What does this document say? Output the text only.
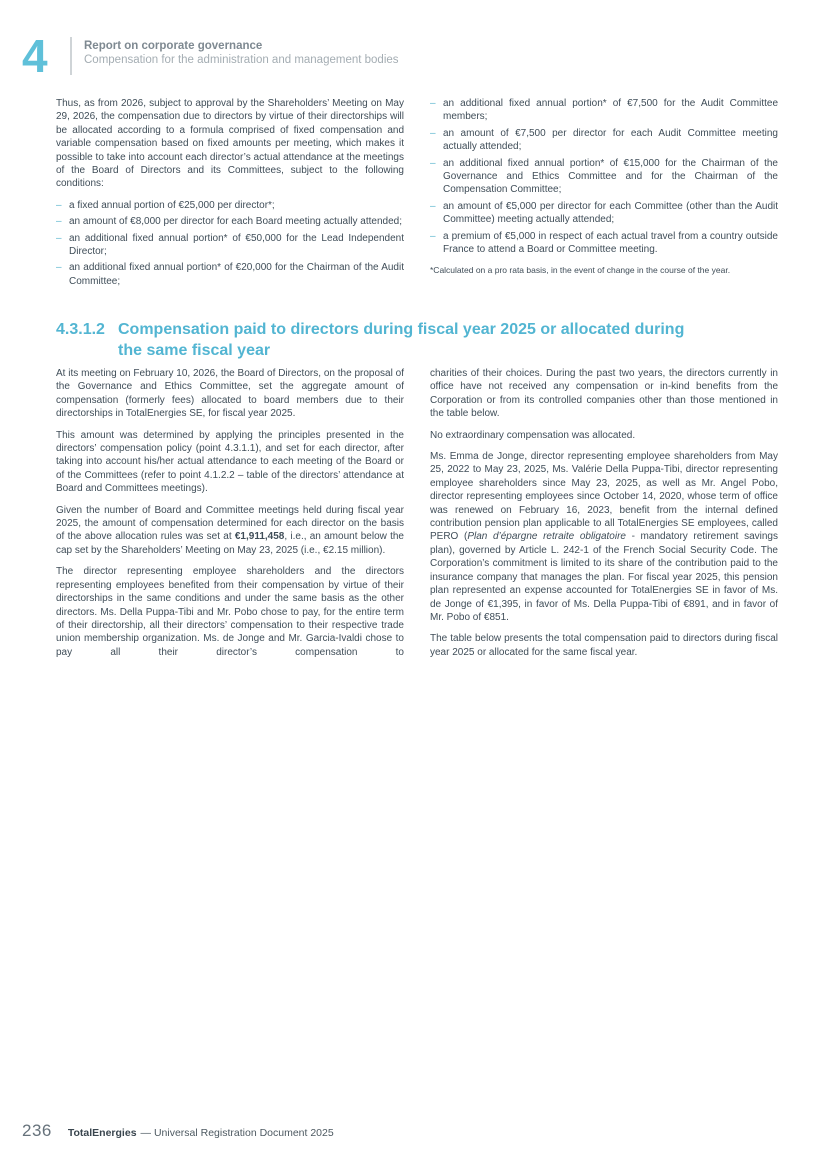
4	Report on corporate governance
Compensation for the administration and management bodies

Thus, as from 2026, subject to approval by the Shareholders’ Meeting on May 29, 2026, the compensation due to directors by virtue of their directorships will be allocated according to a formula comprised of fixed compensation and variable compensation based on fixed amounts per meeting, which makes it possible to take into account each director’s actual attendance at the meetings of the Board of Directors and its Committees, subject to the following conditions:

– a fixed annual portion of €25,000 per director*;
– an amount of €8,000 per director for each Board meeting actually attended;
– an additional fixed annual portion* of €50,000 for the Lead Independent Director;
– an additional fixed annual portion* of €20,000 for the Chairman of the Audit Committee;
– an additional fixed annual portion* of €7,500 for the Audit Committee members;
– an amount of €7,500 per director for each Audit Committee meeting actually attended;
– an additional fixed annual portion* of €15,000 for the Chairman of the Governance and Ethics Committee and for the Chairman of the Compensation Committee;
– an amount of €5,000 per director for each Committee (other than the Audit Committee) meeting actually attended;
– a premium of €5,000 in respect of each actual travel from a country outside France to attend a Board or Committee meeting.
*Calculated on a pro rata basis, in the event of change in the course of the year.
4.3.1.2 Compensation paid to directors during fiscal year 2025 or allocated during
the same fiscal year

At its meeting on February 10, 2026, the Board of Directors, on the proposal of the Governance and Ethics Committee, set the aggregate amount of compensation (formerly fees) allocated to board members due to their directorships in TotalEnergies SE, for fiscal year 2025.

This amount was determined by applying the principles presented in the directors’ compensation policy (point 4.3.1.1), and set for each director, after taking into account his/her actual attendance to each meeting of the Board or of the Committees (refer to point 4.1.2.2 – table of the directors’ attendance at Board and Committees meetings).

Given the number of Board and Committee meetings held during fiscal year 2025, the amount of compensation determined for each director on the basis of the above allocation rules was set at €1,911,458, i.e., an amount below the cap set by the Shareholders’ Meeting on May 23, 2025 (i.e., €2.15 million).

The director representing employee shareholders and the directors representing employees benefited from their compensation by virtue of their directorships in the same conditions and under the same basis as the other directors. Ms. Della Puppa-Tibi and Mr. Pobo chose to pay, for the entire term of their directorship, all their directors’ compensation to their respective trade union membership organization. Ms. de Jonge and Mr. Garcia-Ivaldi chose to pay all their director’s compensation to

charities of their choices. During the past two years, the directors currently in office have not received any compensation or in-kind benefits from the Corporation or from its controlled companies other than those mentioned in the table below.

No extraordinary compensation was allocated.

Ms. Emma de Jonge, director representing employee shareholders from May 25, 2022 to May 23, 2025, Ms. Valérie Della Puppa-Tibi, director representing employee shareholders since May 23, 2025, as well as Mr. Angel Pobo, director representing employees since October 14, 2020, whose term of office was renewed on February 16, 2023, benefit from the internal defined contribution pension plan applicable to all TotalEnergies SE employees, called PERO (Plan d’épargne retraite obligatoire - mandatory retirement savings plan), governed by Article L. 242-1 of the French Social Security Code. The Corporation’s commitment is limited to its share of the contribution paid to the insurance company that manages the plan. For fiscal year 2025, this pension plan represented an expense accounted for TotalEnergies SE in favor of Ms. de Jonge of €1,395, in favor of Ms. Della Puppa-Tibi of €891, and in favor of Mr. Pobo of €851.

The table below presents the total compensation paid to directors during fiscal year 2025 or allocated for the same fiscal year.

236 TotalEnergies — Universal Registration Document 2025
